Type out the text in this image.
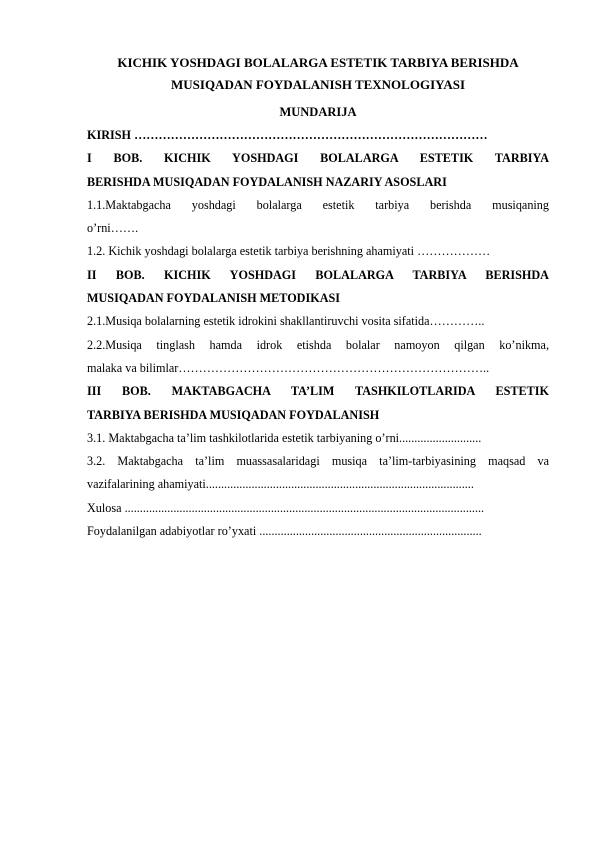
KICHIK YOSHDAGI BOLALARGA ESTETIK TARBIYA BERISHDA

MUSIQADAN FOYDALANISH TEXNOLOGIYASI

MUNDARIJA
KIRISH ……………………………………………………………………………
I BOB. KICHIK YOSHDAGI BOLALARGA ESTETIK TARBIYA
BERISHDA MUSIQADAN FOYDALANISH NAZARIY ASOSLARI
1.1.Maktabgacha yoshdagi bolalarga estetik tarbiya berishda musiqaning
o’rni…….
1.2. Kichik yoshdagi bolalarga estetik tarbiya berishning ahamiyati ………………
II BOB. KICHIK YOSHDAGI BOLALARGA TARBIYA BERISHDA
MUSIQADAN FOYDALANISH METODIKASI
2.1.Musiqa bolalarning estetik idrokini shakllantiruvchi vosita sifatida…………..
2.2.Musiqa tinglash hamda idrok etishda bolalar namoyon qilgan ko’nikma,
malaka va bilimlar…………………………………………………………………..
III BOB. MAKTABGACHA TA’LIM TASHKILOTLARIDA ESTETIK
TARBIYA BERISHDA MUSIQADAN FOYDALANISH
3.1. Maktabgacha ta’lim tashkilotlarida estetik tarbiyaning o’rni...........................
3.2. Maktabgacha ta’lim muassasalaridagi musiqa ta’lim-tarbiyasining maqsad va
vazifalarining ahamiyati........................................................................................
Xulosa ......................................................................................................................
Foydalanilgan adabiyotlar ro’yxati .........................................................................
